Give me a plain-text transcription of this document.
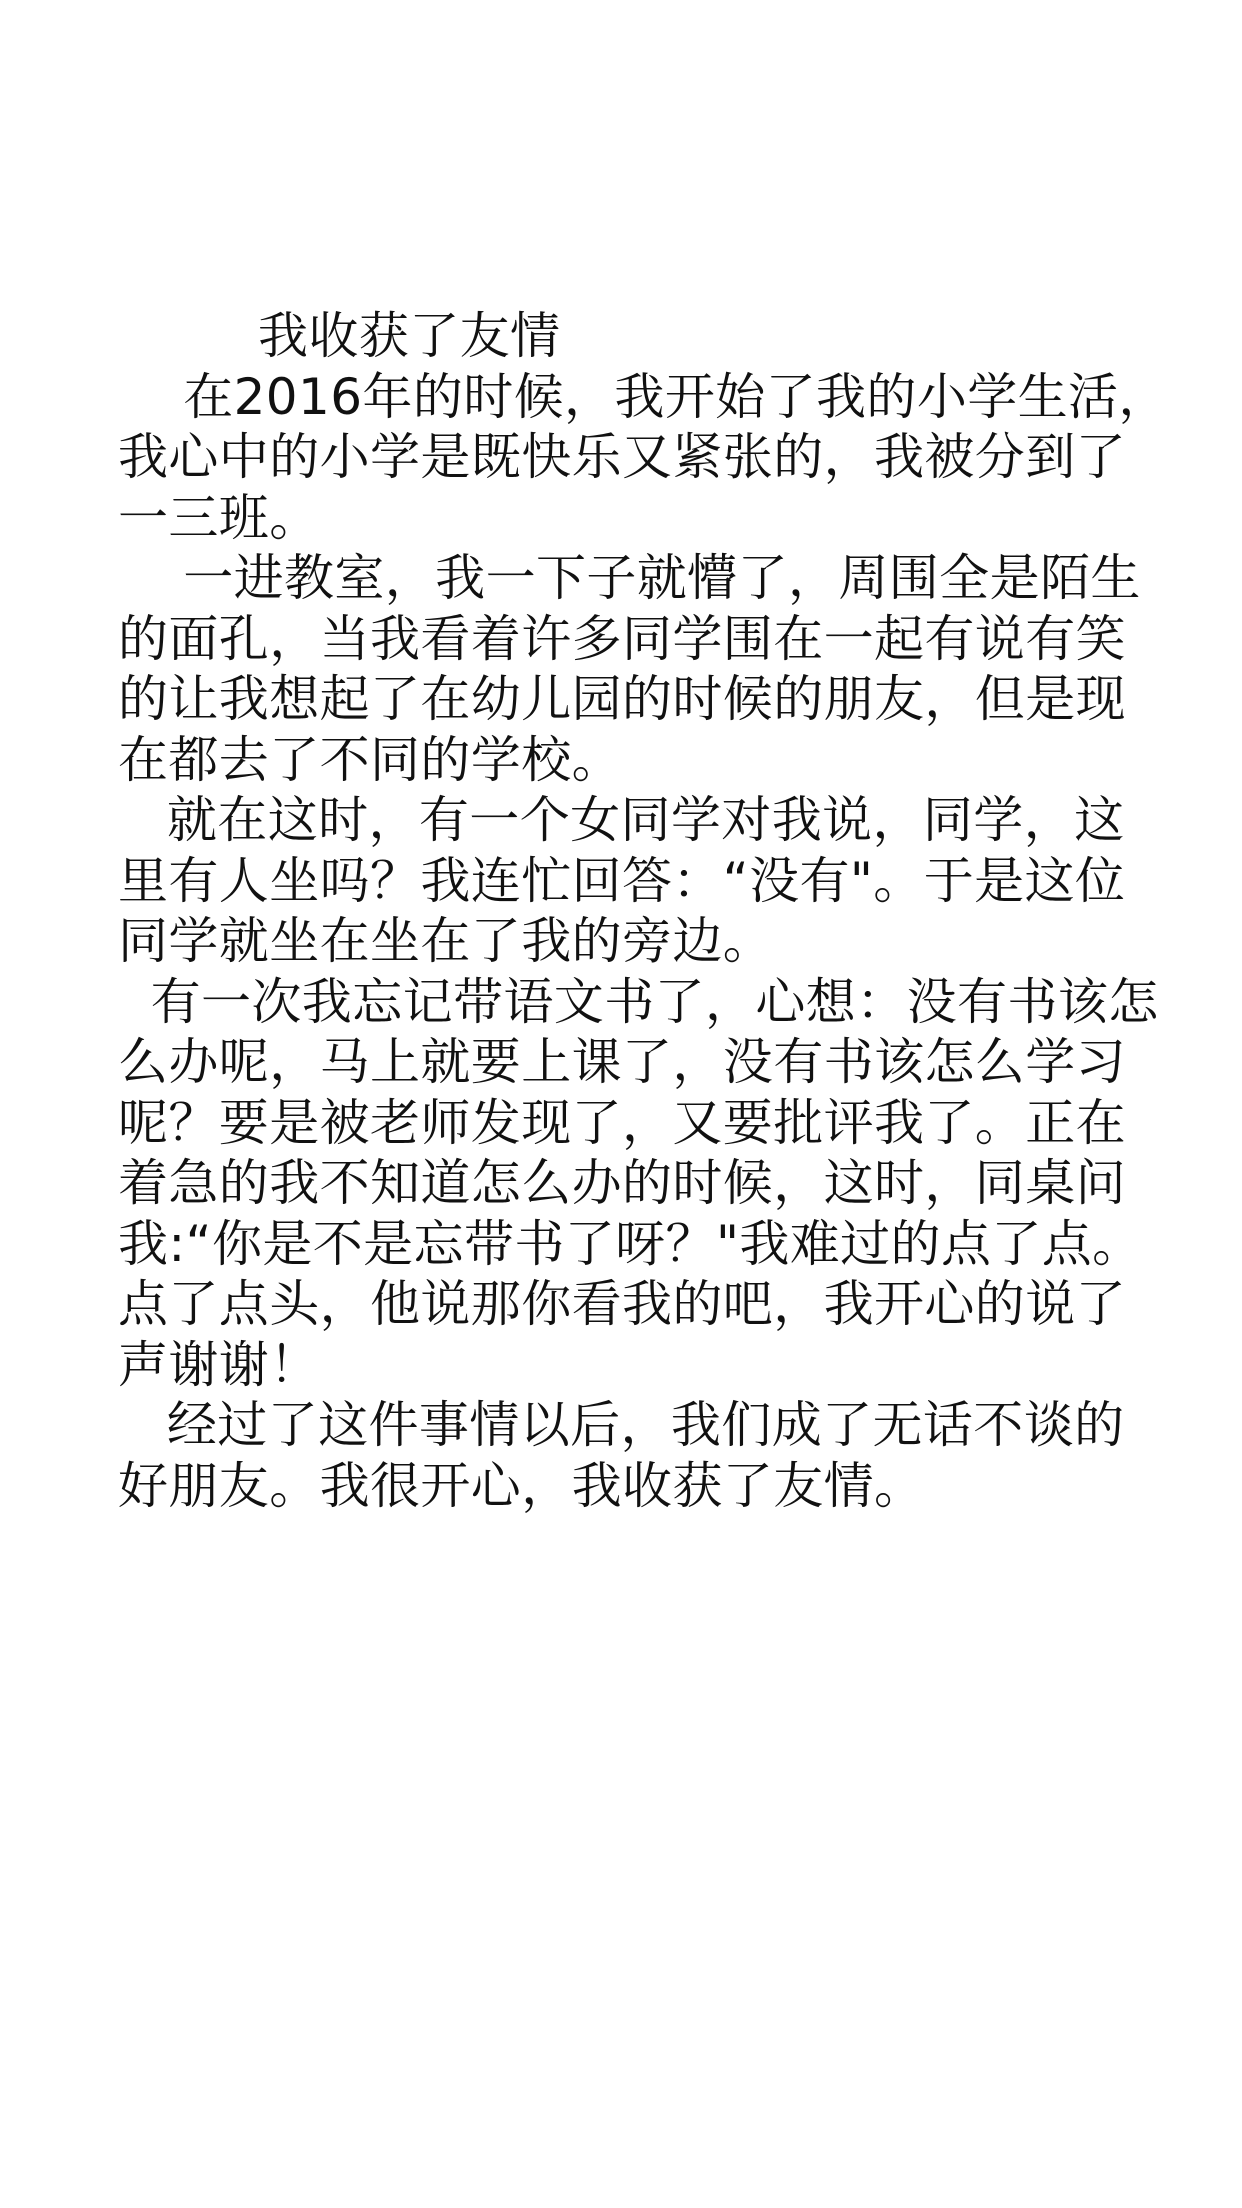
我收获了友情

在2016年的时候，我开始了我的小学生活，我心中的小学是既快乐又紧张的，我被分到了一三班。

一进教室，我一下子就懵了，周围全是陌生的面孔，当我看着许多同学围在一起有说有笑的让我想起了在幼儿园的时候的朋友，但是现在都去了不同的学校。

就在这时，有一个女同学对我说，同学，这里有人坐吗？我连忙回答：“没有"。于是这位同学就坐在坐在了我的旁边。

有一次我忘记带语文书了，心想：没有书该怎么办呢，马上就要上课了，没有书该怎么学习呢？要是被老师发现了，又要批评我了。正在着急的我不知道怎么办的时候，这时，同桌问我:“你是不是忘带书了呀？"我难过的点了点。点了点头，他说那你看我的吧，我开心的说了声谢谢！

经过了这件事情以后，我们成了无话不谈的好朋友。我很开心，我收获了友情。
